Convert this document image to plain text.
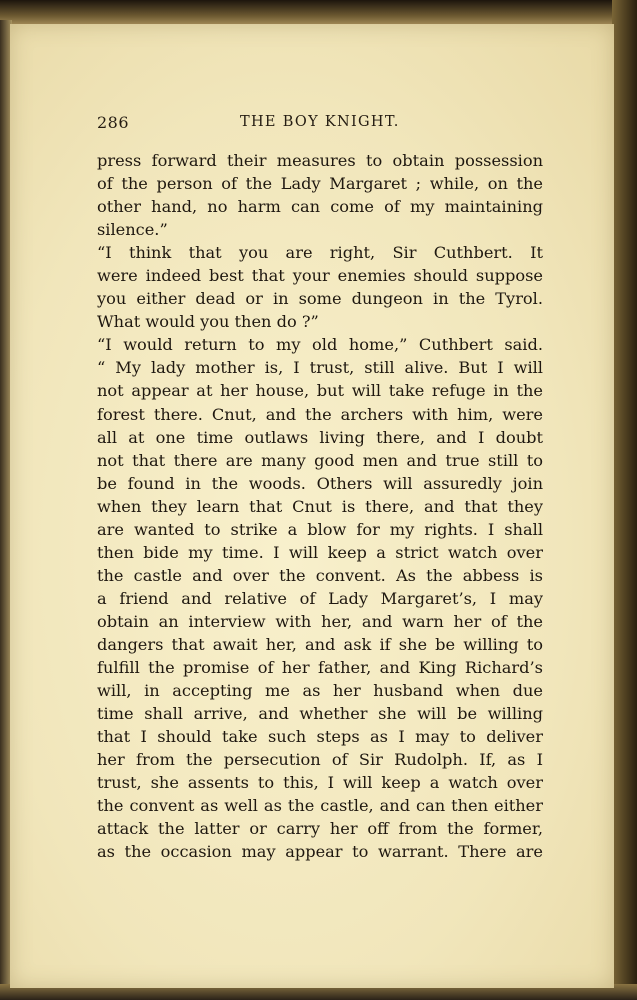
286	THE BOY KNIGHT.
press forward their measures to obtain possession
of the person of the Lady Margaret ; while, on the
other hand, no harm can come of my maintaining
silence.”
“I think that you are right, Sir Cuthbert. It
were indeed best that your enemies should suppose
you either dead or in some dungeon in the Tyrol.
What would you then do ?”
“I would return to my old home,” Cuthbert said.
“ My lady mother is, I trust, still alive. But I will
not appear at her house, but will take refuge in the
forest there. Cnut, and the archers with him, were
all at one time outlaws living there, and I doubt
not that there are many good men and true still to
be found in the woods. Others will assuredly join
when they learn that Cnut is there, and that they
are wanted to strike a blow for my rights. I shall
then bide my time. I will keep a strict watch over
the castle and over the convent. As the abbess is
a friend and relative of Lady Margaret’s, I may
obtain an interview with her, and warn her of the
dangers that await her, and ask if she be willing to
fulfill the promise of her father, and King Richard’s
will, in accepting me as her husband when due
time shall arrive, and whether she will be willing
that I should take such steps as I may to deliver
her from the persecution of Sir Rudolph. If, as I
trust, she assents to this, I will keep a watch over
the convent as well as the castle, and can then either
attack the latter or carry her off from the former,
as the occasion may appear to warrant. There are
